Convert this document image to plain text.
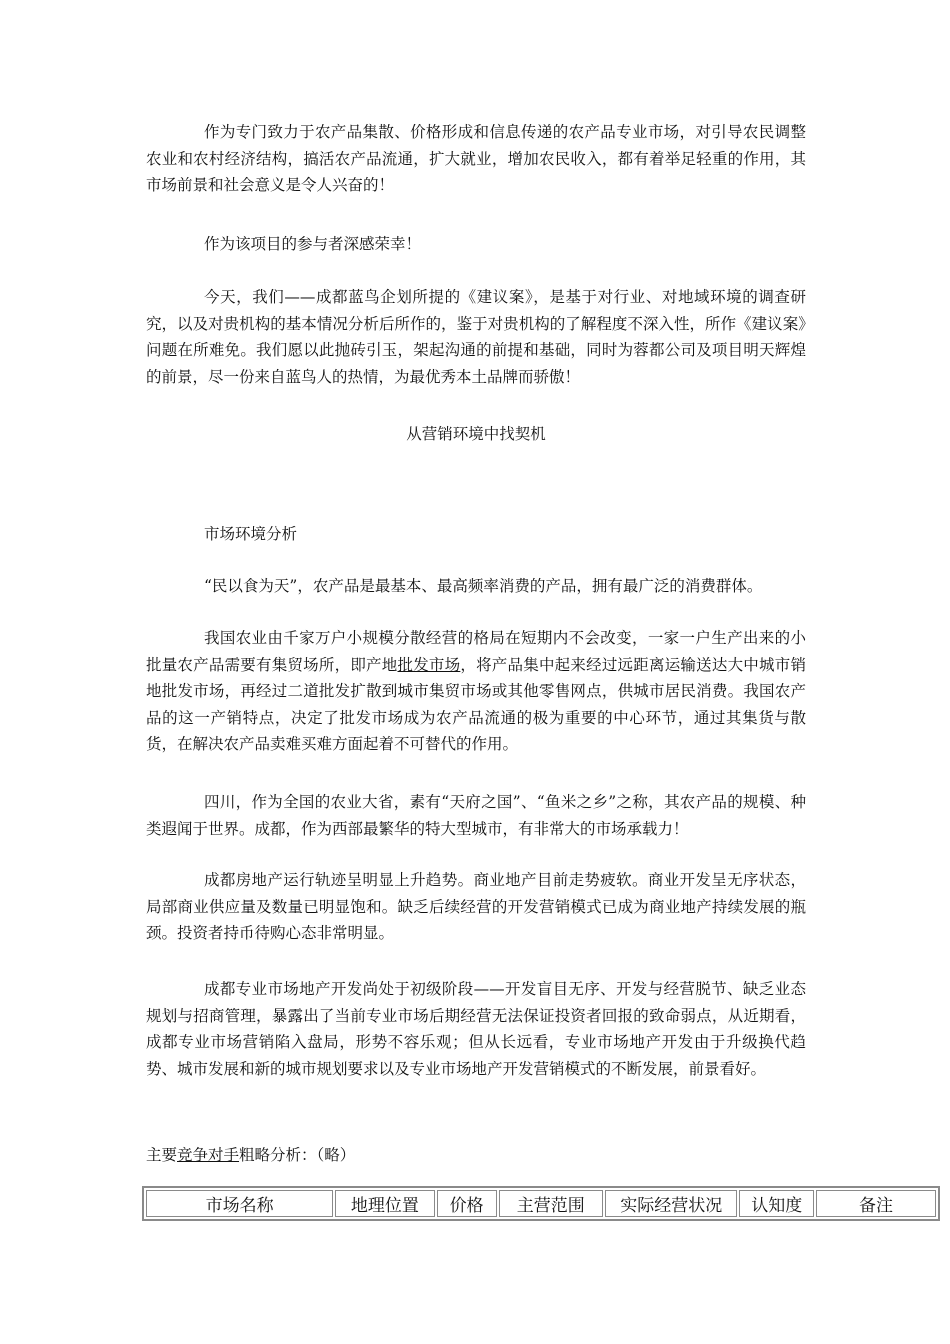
作为专门致力于农产品集散、价格形成和信息传递的农产品专业市场，对引导农民调整农业和农村经济结构，搞活农产品流通，扩大就业，增加农民收入，都有着举足轻重的作用，其市场前景和社会意义是令人兴奋的！

作为该项目的参与者深感荣幸！

今天，我们——成都蓝鸟企划所提的《建议案》，是基于对行业、对地域环境的调查研究，以及对贵机构的基本情况分析后所作的，鉴于对贵机构的了解程度不深入性，所作《建议案》问题在所难免。我们愿以此抛砖引玉，架起沟通的前提和基础，同时为蓉都公司及项目明天辉煌的前景，尽一份来自蓝鸟人的热情，为最优秀本土品牌而骄傲！

从营销环境中找契机

市场环境分析

“民以食为天”，农产品是最基本、最高频率消费的产品，拥有最广泛的消费群体。

我国农业由千家万户小规模分散经营的格局在短期内不会改变，一家一户生产出来的小批量农产品需要有集贸场所，即产地批发市场，将产品集中起来经过远距离运输送达大中城市销地批发市场，再经过二道批发扩散到城市集贸市场或其他零售网点，供城市居民消费。我国农产品的这一产销特点，决定了批发市场成为农产品流通的极为重要的中心环节，通过其集货与散货，在解决农产品卖难买难方面起着不可替代的作用。

四川，作为全国的农业大省，素有“天府之国”、“鱼米之乡”之称，其农产品的规模、种类遐闻于世界。成都，作为西部最繁华的特大型城市，有非常大的市场承载力！

成都房地产运行轨迹呈明显上升趋势。商业地产目前走势疲软。商业开发呈无序状态，局部商业供应量及数量已明显饱和。缺乏后续经营的开发营销模式已成为商业地产持续发展的瓶颈。投资者持币待购心态非常明显。

成都专业市场地产开发尚处于初级阶段——开发盲目无序、开发与经营脱节、缺乏业态规划与招商管理，暴露出了当前专业市场后期经营无法保证投资者回报的致命弱点，从近期看，成都专业市场营销陷入盘局，形势不容乐观；但从长远看，专业市场地产开发由于升级换代趋势、城市发展和新的城市规划要求以及专业市场地产开发营销模式的不断发展，前景看好。

主要竞争对手粗略分析：（略）

市场名称	地理位置	价格	主营范围	实际经营状况	认知度	备注
